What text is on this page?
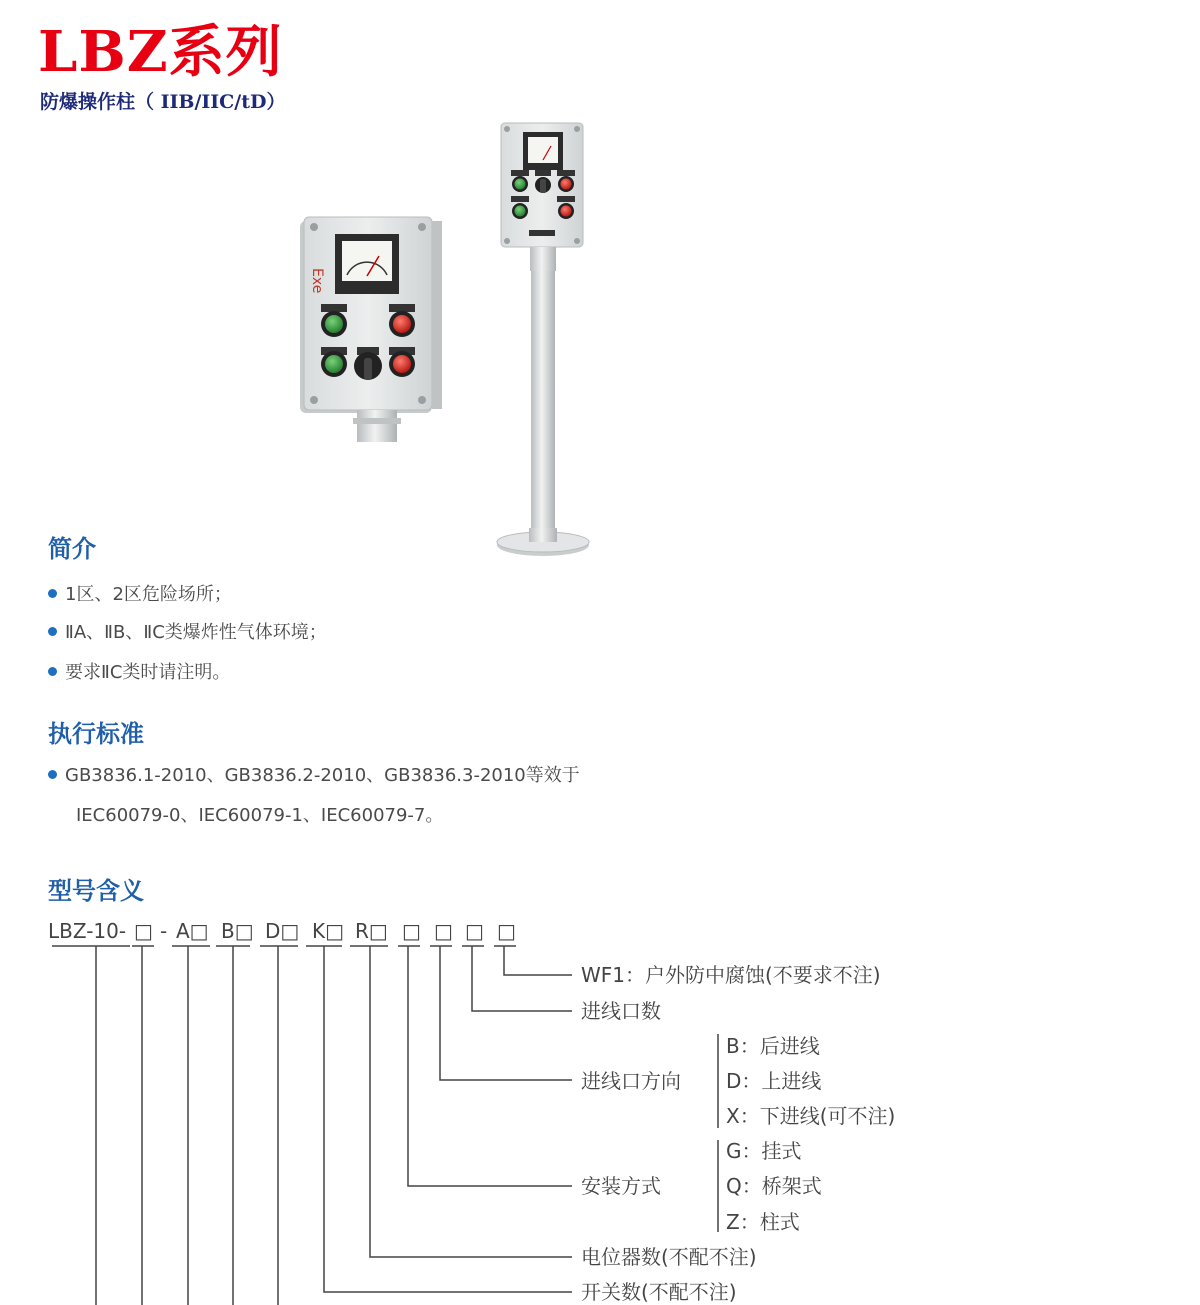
LBZ系列

防爆操作柱（ IIB/IIC/tD）

Exe
简介
1区、2区危险场所；
ⅡA、ⅡB、ⅡC类爆炸性气体环境；
要求ⅡC类时请注明。
执行标准
GB3836.1-2010、GB3836.2-2010、GB3836.3-2010等效于
IEC60079-0、IEC60079-1、IEC60079-7。
型号含义
LBZ-10- □ - A□ B□ D□ K□ R□ □ □ □ □
WF1：户外防中腐蚀(不要求不注)
进线口数
进线口方向
安装方式
电位器数(不配不注)
开关数(不配不注)
B：后进线
D：上进线
X：下进线(可不注)
G：挂式
Q：桥架式
Z：柱式
